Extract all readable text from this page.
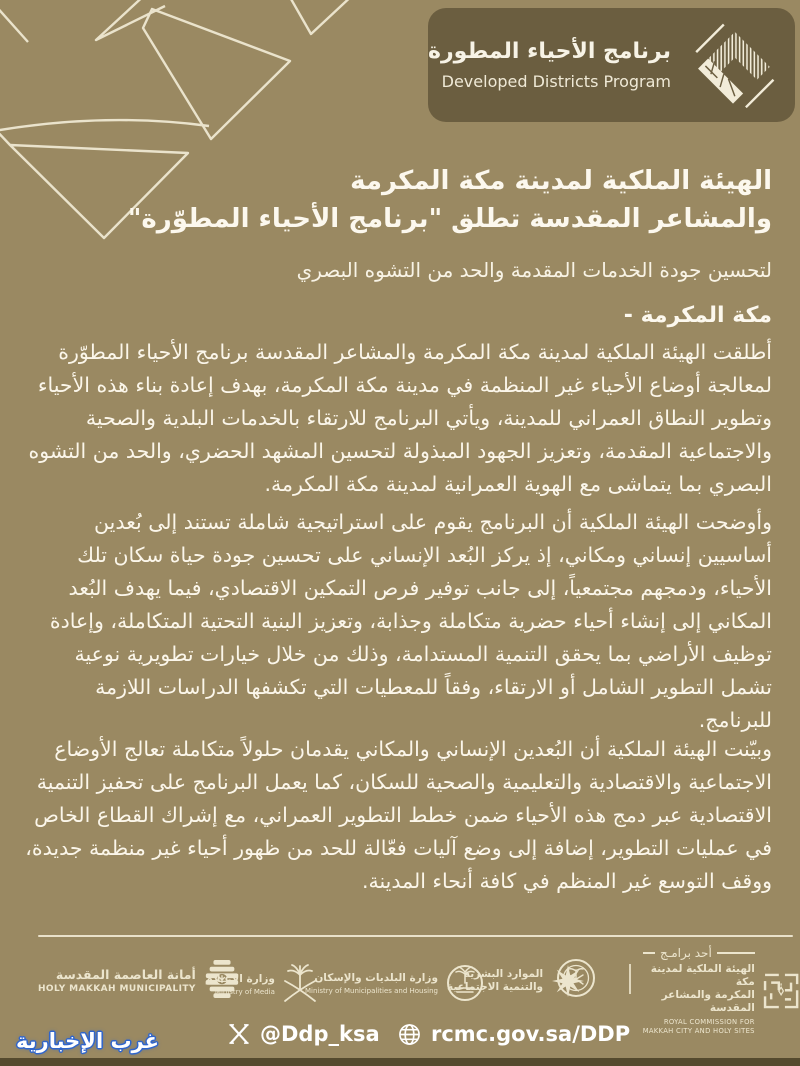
برنامج الأحياء المطورة
Developed Districts Program
الهيئة الملكية لمدينة مكة المكرمة
والمشاعر المقدسة تطلق "برنامج الأحياء المطوّرة"
لتحسين جودة الخدمات المقدمة والحد من التشوه البصري
مكة المكرمة -
أطلقت الهيئة الملكية لمدينة مكة المكرمة والمشاعر المقدسة برنامج الأحياء المطوّرة لمعالجة أوضاع الأحياء غير المنظمة في مدينة مكة المكرمة، بهدف إعادة بناء هذه الأحياء وتطوير النطاق العمراني للمدينة، ويأتي البرنامج للارتقاء بالخدمات البلدية والصحية والاجتماعية المقدمة، وتعزيز الجهود المبذولة لتحسين المشهد الحضري، والحد من التشوه البصري بما يتماشى مع الهوية العمرانية لمدينة مكة المكرمة.
وأوضحت الهيئة الملكية أن البرنامج يقوم على استراتيجية شاملة تستند إلى بُعدين أساسيين إنساني ومكاني، إذ يركز البُعد الإنساني على تحسين جودة حياة سكان تلك الأحياء، ودمجهم مجتمعياً، إلى جانب توفير فرص التمكين الاقتصادي، فيما يهدف البُعد المكاني إلى إنشاء أحياء حضرية متكاملة وجذابة، وتعزيز البنية التحتية المتكاملة، وإعادة توظيف الأراضي بما يحقق التنمية المستدامة، وذلك من خلال خيارات تطويرية نوعية تشمل التطوير الشامل أو الارتقاء، وفقاً للمعطيات التي تكشفها الدراسات اللازمة للبرنامج.
وبيّنت الهيئة الملكية أن البُعدين الإنساني والمكاني يقدمان حلولاً متكاملة تعالج الأوضاع الاجتماعية والاقتصادية والتعليمية والصحية للسكان، كما يعمل البرنامج على تحفيز التنمية الاقتصادية عبر دمج هذه الأحياء ضمن خطط التطوير العمراني، مع إشراك القطاع الخاص في عمليات التطوير، إضافة إلى وضع آليات فعّالة للحد من ظهور أحياء غير منظمة جديدة، ووقف التوسع غير المنظم في كافة أنحاء المدينة.
أمانة العاصمة المقدسة
HOLY MAKKAH MUNICIPALITY
وزارة الإعـلام
Ministry of Media
وزارة البلديات والإسكان
Ministry of Municipalities and Housing
الموارد البشرية
والتنمية الاجتماعية
أحد برامـج
الهيئة الملكية لمدينة مكة
المكرمة والمشاعر المقدسة
ROYAL COMMISSION FOR
MAKKAH CITY AND HOLY SITES
@Ddp_ksa rcmc.gov.sa/DDP
غرب الإخبارية
